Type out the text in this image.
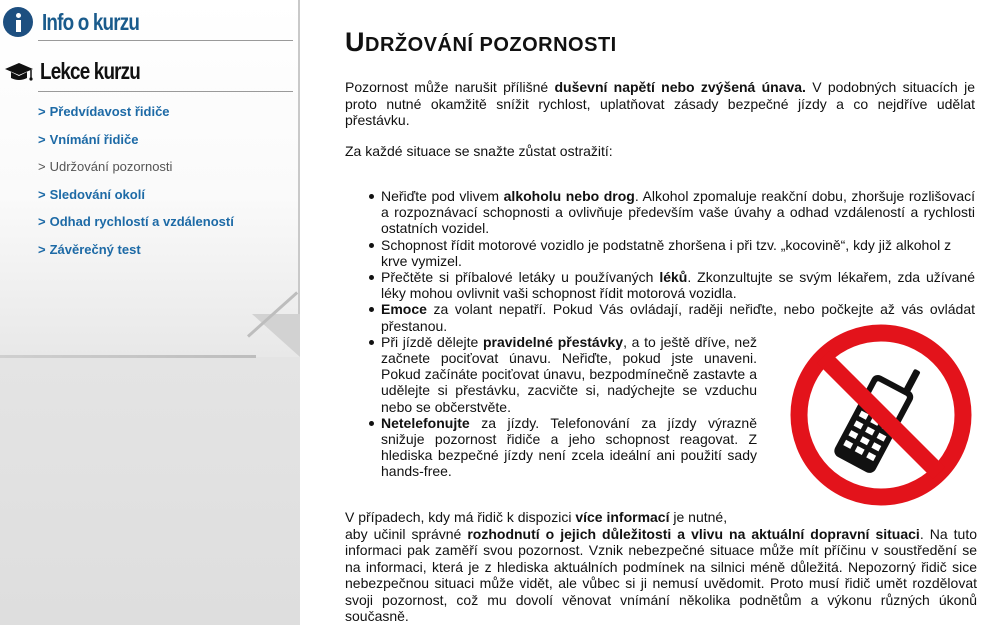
Info o kurzu
Lekce kurzu
> Předvídavost řidiče
> Vnímání řidiče
> Udržování pozornosti
> Sledování okolí
> Odhad rychlostí a vzdáleností
> Závěrečný test
UDRŽOVÁNÍ POZORNOSTI

Pozornost může narušit přílišné duševní napětí nebo zvýšená únava. V podobných situacích je proto nutné okamžitě snížit rychlost, uplatňovat zásady bezpečné jízdy a co nejdříve udělat přestávku.

Za každé situace se snažte zůstat ostražití:

Neřiďte pod vlivem alkoholu nebo drog. Alkohol zpomaluje reakční dobu, zhoršuje rozlišovací a rozpoznávací schopnosti a ovlivňuje především vaše úvahy a odhad vzdáleností a rychlosti ostatních vozidel.
Schopnost řídit motorové vozidlo je podstatně zhoršena i při tzv. „kocovině“, kdy již alkohol z krve vymizel.
Přečtěte si příbalové letáky u používaných léků. Zkonzultujte se svým lékařem, zda užívané léky mohou ovlivnit vaši schopnost řídit motorová vozidla.
Emoce za volant nepatří. Pokud Vás ovládají, raději neřiďte, nebo počkejte až vás ovládat přestanou.
Při jízdě dělejte pravidelné přestávky, a to ještě dříve, než začnete pociťovat únavu. Neřiďte, pokud jste unaveni. Pokud začínáte pociťovat únavu, bezpodmínečně zastavte a udělejte si přestávku, zacvičte si, nadýchejte se vzduchu nebo se občerstvěte.
Netelefonujte za jízdy. Telefonování za jízdy výrazně snižuje pozornost řidiče a jeho schopnost reagovat. Z hlediska bezpečné jízdy není zcela ideální ani použití sady hands-free.

V případech, kdy má řidič k dispozici více informací je nutné,
aby učinil správné rozhodnutí o jejich důležitosti a vlivu na aktuální dopravní situaci. Na tuto informaci pak zaměří svou pozornost. Vznik nebezpečné situace může mít příčinu v soustředění se na informaci, která je z hlediska aktuálních podmínek na silnici méně důležitá. Nepozorný řidič sice nebezpečnou situaci může vidět, ale vůbec si ji nemusí uvědomit. Proto musí řidič umět rozdělovat svoji pozornost, což mu dovolí věnovat vnímání několika podnětům a výkonu různých úkonů současně.
